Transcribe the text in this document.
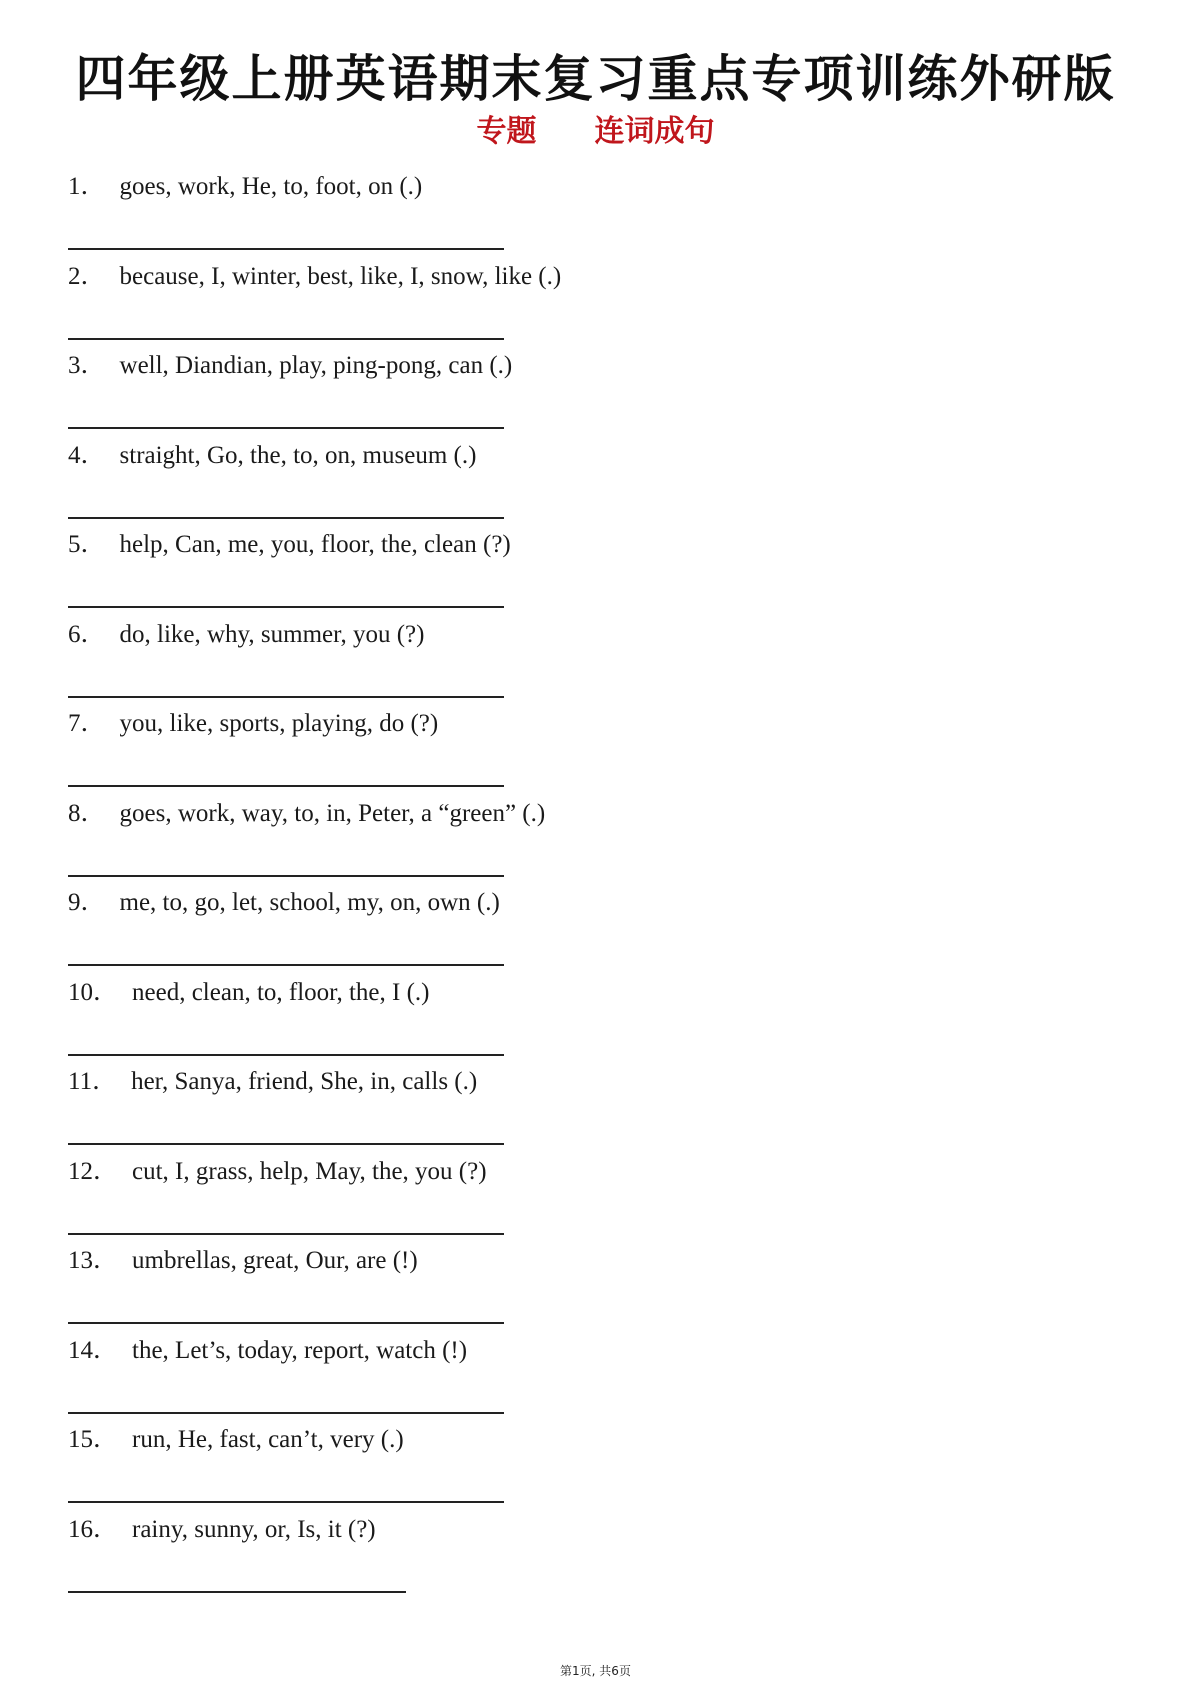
四年级上册英语期末复习重点专项训练外研版
专题 连词成句
1． goes, work, He, to, foot, on (.)
2． because, I, winter, best, like, I, snow, like (.)
3． well, Diandian, play, ping-pong, can (.)
4． straight, Go, the, to, on, museum (.)
5． help, Can, me, you, floor, the, clean (?)
6． do, like, why, summer, you (?)
7． you, like, sports, playing, do (?)
8． goes, work, way, to, in, Peter, a “green” (.)
9． me, to, go, let, school, my, on, own (.)
10． need, clean, to, floor, the, I (.)
11． her, Sanya, friend, She, in, calls (.)
12． cut, I, grass, help, May, the, you (?)
13． umbrellas, great, Our, are (!)
14． the, Let’s, today, report, watch (!)
15． run, He, fast, can’t, very (.)
16． rainy, sunny, or, Is, it (?)
第1页, 共6页
